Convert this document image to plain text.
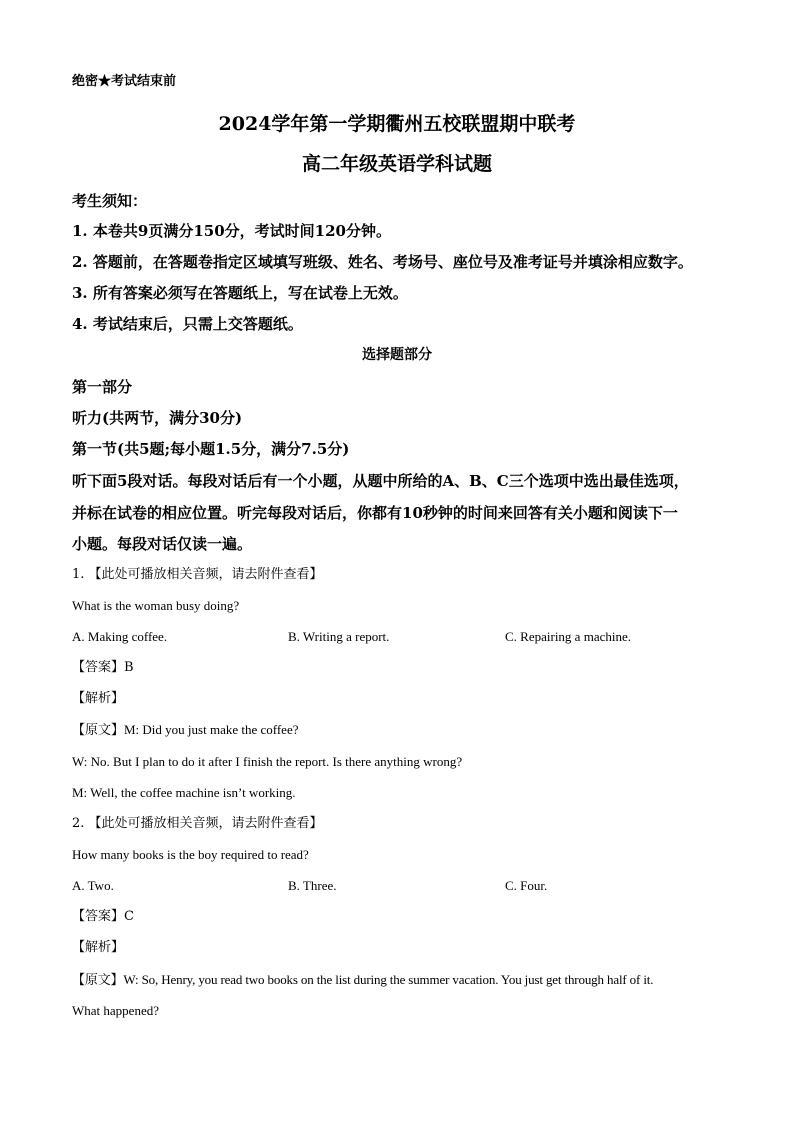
绝密★考试结束前
2024学年第一学期衢州五校联盟期中联考
高二年级英语学科试题
考生须知：
1. 本卷共9页满分150分，考试时间120分钟。
2. 答题前，在答题卷指定区域填写班级、姓名、考场号、座位号及准考证号并填涂相应数字。
3. 所有答案必须写在答题纸上，写在试卷上无效。
4. 考试结束后，只需上交答题纸。
选择题部分
第一部分
听力(共两节，满分30分)
第一节(共5题;每小题1.5分，满分7.5分)
听下面5段对话。每段对话后有一个小题，从题中所给的A、B、C三个选项中选出最佳选项，
并标在试卷的相应位置。听完每段对话后，你都有10秒钟的时间来回答有关小题和阅读下一
小题。每段对话仅读一遍。
1. 【此处可播放相关音频，请去附件查看】
What is the woman busy doing?
A. Making coffee.	B. Writing a report.	C. Repairing a machine.
【答案】B
【解析】
【原文】M: Did you just make the coffee?
W: No. But I plan to do it after I finish the report. Is there anything wrong?
M: Well, the coffee machine isn’t working.
2. 【此处可播放相关音频，请去附件查看】
How many books is the boy required to read?
A. Two.	B. Three.	C. Four.
【答案】C
【解析】
【原文】W: So, Henry, you read two books on the list during the summer vacation. You just get through half of it.
What happened?
